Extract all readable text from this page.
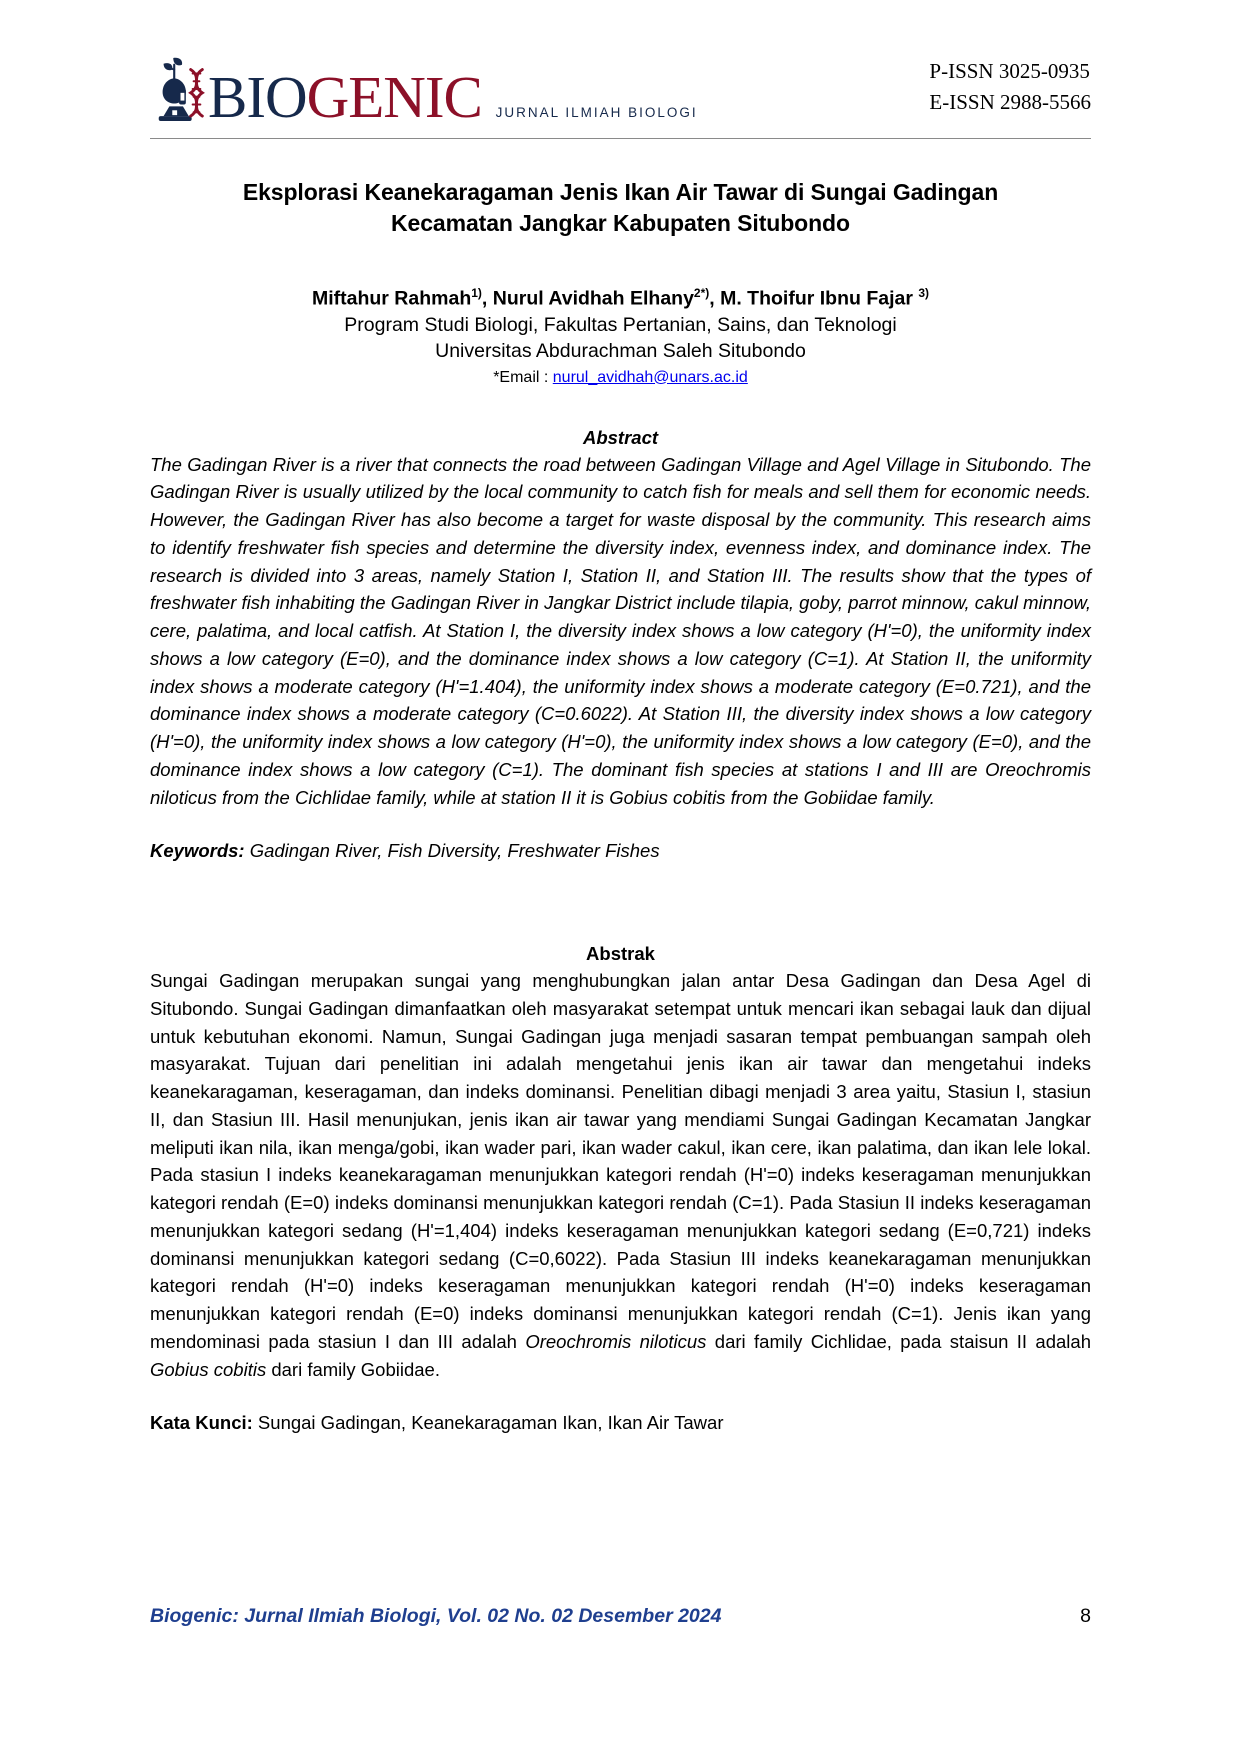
BIOGENIC JURNAL ILMIAH BIOLOGI
P-ISSN 3025-0935
E-ISSN 2988-5566
Eksplorasi Keanekaragaman Jenis Ikan Air Tawar di Sungai Gadingan Kecamatan Jangkar Kabupaten Situbondo
Miftahur Rahmah$^{1)}$, Nurul Avidhah Elhany$^{2*)}$, M. Thoifur Ibnu Fajar $^{3)}$
Program Studi Biologi, Fakultas Pertanian, Sains, dan Teknologi
Universitas Abdurachman Saleh Situbondo
*Email : nurul_avidhah@unars.ac.id
Abstract
The Gadingan River is a river that connects the road between Gadingan Village and Agel Village in Situbondo. The Gadingan River is usually utilized by the local community to catch fish for meals and sell them for economic needs. However, the Gadingan River has also become a target for waste disposal by the community. This research aims to identify freshwater fish species and determine the diversity index, evenness index, and dominance index. The research is divided into 3 areas, namely Station I, Station II, and Station III. The results show that the types of freshwater fish inhabiting the Gadingan River in Jangkar District include tilapia, goby, parrot minnow, cakul minnow, cere, palatima, and local catfish. At Station I, the diversity index shows a low category (H'=0), the uniformity index shows a low category (E=0), and the dominance index shows a low category (C=1). At Station II, the uniformity index shows a moderate category (H'=1.404), the uniformity index shows a moderate category (E=0.721), and the dominance index shows a moderate category (C=0.6022). At Station III, the diversity index shows a low category (H'=0), the uniformity index shows a low category (H'=0), the uniformity index shows a low category (E=0), and the dominance index shows a low category (C=1). The dominant fish species at stations I and III are Oreochromis niloticus from the Cichlidae family, while at station II it is Gobius cobitis from the Gobiidae family.
Keywords: Gadingan River, Fish Diversity, Freshwater Fishes
Abstrak
Sungai Gadingan merupakan sungai yang menghubungkan jalan antar Desa Gadingan dan Desa Agel di Situbondo. Sungai Gadingan dimanfaatkan oleh masyarakat setempat untuk mencari ikan sebagai lauk dan dijual untuk kebutuhan ekonomi. Namun, Sungai Gadingan juga menjadi sasaran tempat pembuangan sampah oleh masyarakat. Tujuan dari penelitian ini adalah mengetahui jenis ikan air tawar dan mengetahui indeks keanekaragaman, keseragaman, dan indeks dominansi. Penelitian dibagi menjadi 3 area yaitu, Stasiun I, stasiun II, dan Stasiun III. Hasil menunjukan, jenis ikan air tawar yang mendiami Sungai Gadingan Kecamatan Jangkar meliputi ikan nila, ikan menga/gobi, ikan wader pari, ikan wader cakul, ikan cere, ikan palatima, dan ikan lele lokal. Pada stasiun I indeks keanekaragaman menunjukkan kategori rendah (H'=0) indeks keseragaman menunjukkan kategori rendah (E=0) indeks dominansi menunjukkan kategori rendah (C=1). Pada Stasiun II indeks keseragaman menunjukkan kategori sedang (H'=1,404) indeks keseragaman menunjukkan kategori sedang (E=0,721) indeks dominansi menunjukkan kategori sedang (C=0,6022). Pada Stasiun III indeks keanekaragaman menunjukkan kategori rendah (H'=0) indeks keseragaman menunjukkan kategori rendah (H'=0) indeks keseragaman menunjukkan kategori rendah (E=0) indeks dominansi menunjukkan kategori rendah (C=1). Jenis ikan yang mendominasi pada stasiun I dan III adalah Oreochromis niloticus dari family Cichlidae, pada staisun II adalah Gobius cobitis dari family Gobiidae.
Kata Kunci: Sungai Gadingan, Keanekaragaman Ikan, Ikan Air Tawar
Biogenic: Jurnal Ilmiah Biologi, Vol. 02 No. 02 Desember 2024	8
